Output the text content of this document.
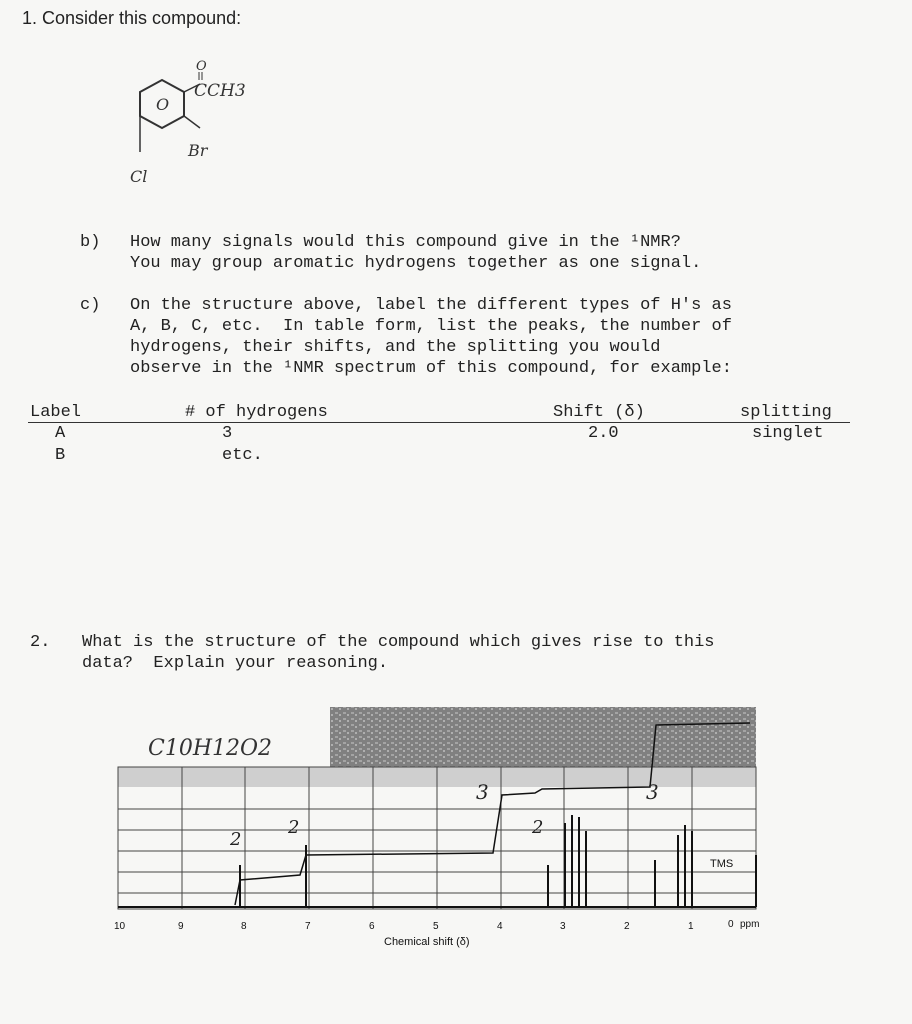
1. Consider this compound:
O
O
CCH3
Br
Cl
b)	How many signals would this compound give in the ¹NMR?
You may group aromatic hydrogens together as one signal.
c)	On the structure above, label the different types of H's as
A, B, C, etc.  In table form, list the peaks, the number of
hydrogens, their shifts, and the splitting you would
observe in the ¹NMR spectrum of this compound, for example:
Label	# of hydrogens	Shift (δ)	splitting
A	3	2.0	singlet
B	etc.
2. What is the structure of the compound which gives rise to this
data?  Explain your reasoning.
C10H12O2
2
2
3
2
3
TMS
10	9	8	7	6	5	4	3	2	1	0 ppm
Chemical shift (δ)
